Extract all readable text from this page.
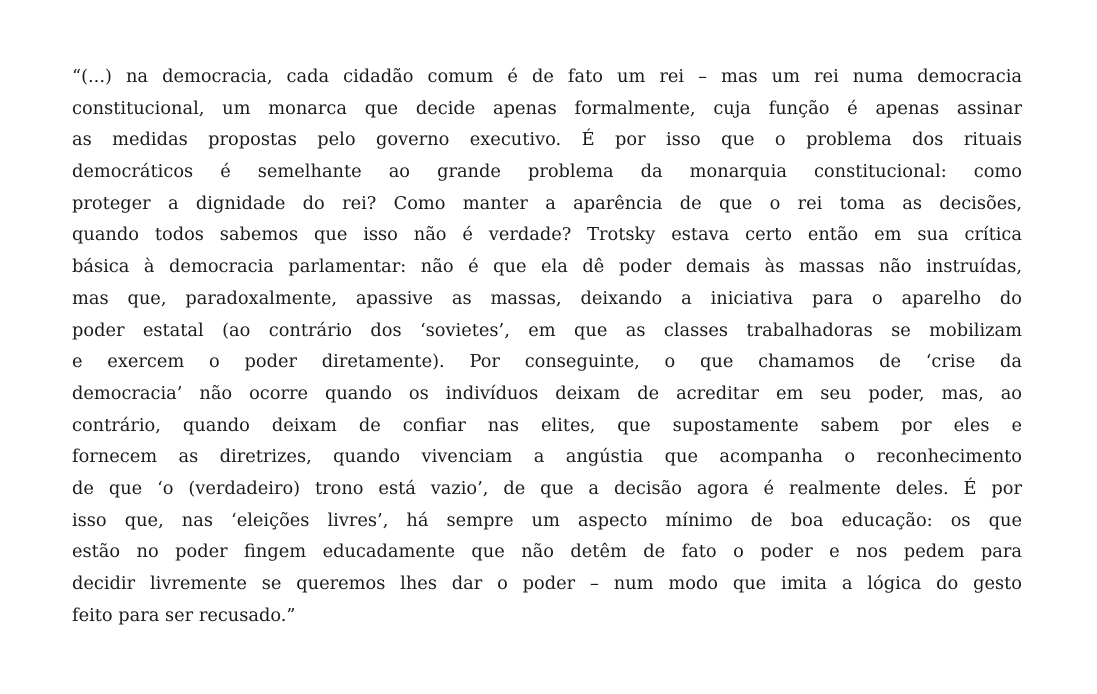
“(...) na democracia, cada cidadão comum é de fato um rei – mas um rei numa democracia
constitucional, um monarca que decide apenas formalmente, cuja função é apenas assinar
as medidas propostas pelo governo executivo. É por isso que o problema dos rituais
democráticos é semelhante ao grande problema da monarquia constitucional: como
proteger a dignidade do rei? Como manter a aparência de que o rei toma as decisões,
quando todos sabemos que isso não é verdade? Trotsky estava certo então em sua crítica
básica à democracia parlamentar: não é que ela dê poder demais às massas não instruídas,
mas que, paradoxalmente, apassive as massas, deixando a iniciativa para o aparelho do
poder estatal (ao contrário dos ‘sovietes’, em que as classes trabalhadoras se mobilizam
e exercem o poder diretamente). Por conseguinte, o que chamamos de ‘crise da
democracia’ não ocorre quando os indivíduos deixam de acreditar em seu poder, mas, ao
contrário, quando deixam de confiar nas elites, que supostamente sabem por eles e
fornecem as diretrizes, quando vivenciam a angústia que acompanha o reconhecimento
de que ‘o (verdadeiro) trono está vazio’, de que a decisão agora é realmente deles. É por
isso que, nas ‘eleições livres’, há sempre um aspecto mínimo de boa educação: os que
estão no poder fingem educadamente que não detêm de fato o poder e nos pedem para
decidir livremente se queremos lhes dar o poder – num modo que imita a lógica do gesto
feito para ser recusado.”
